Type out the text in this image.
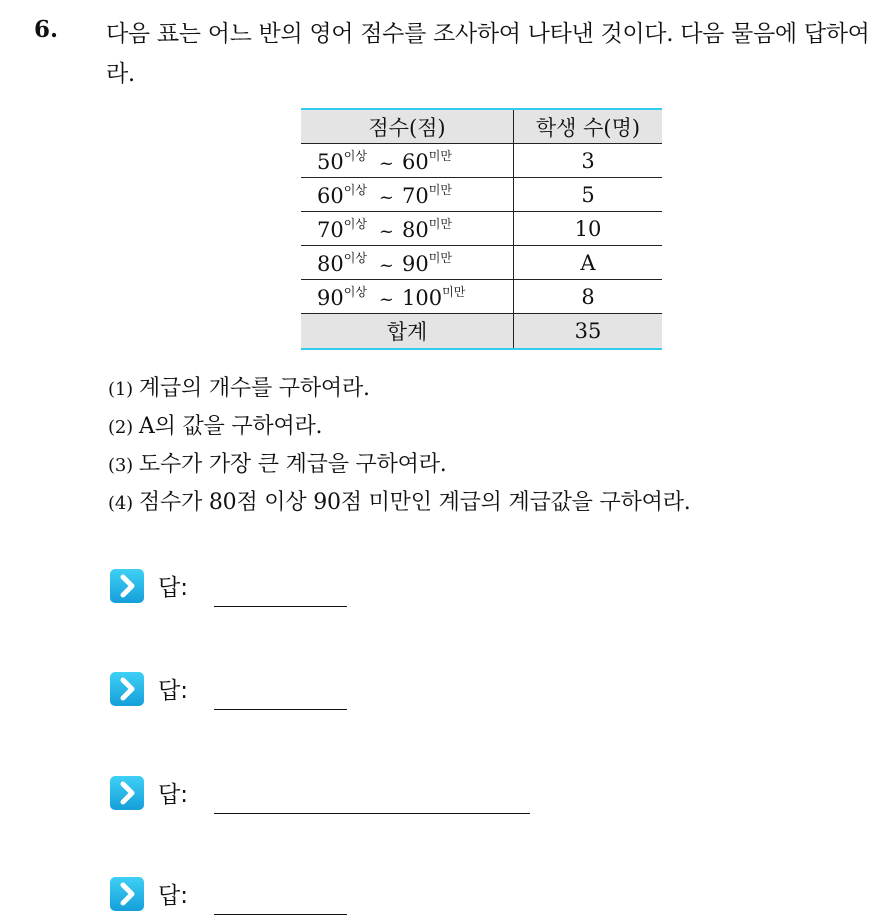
6. 다음 표는 어느 반의 영어 점수를 조사하여 나타낸 것이다. 다음 물음에 답하여라.
점수(점)	학생 수(명)
$50^{이상}$ ~ $60^{미만}$	3
$60^{이상}$ ~ $70^{미만}$	5
$70^{이상}$ ~ $80^{미만}$	10
$80^{이상}$ ~ $90^{미만}$	A
$90^{이상}$ ~ $100^{미만}$	8
합계	35
(1) 계급의 개수를 구하여라.
(2) A의 값을 구하여라.
(3) 도수가 가장 큰 계급을 구하여라.
(4) 점수가 80점 이상 90점 미만인 계급의 계급값을 구하여라.
답:
답:
답:
답:
